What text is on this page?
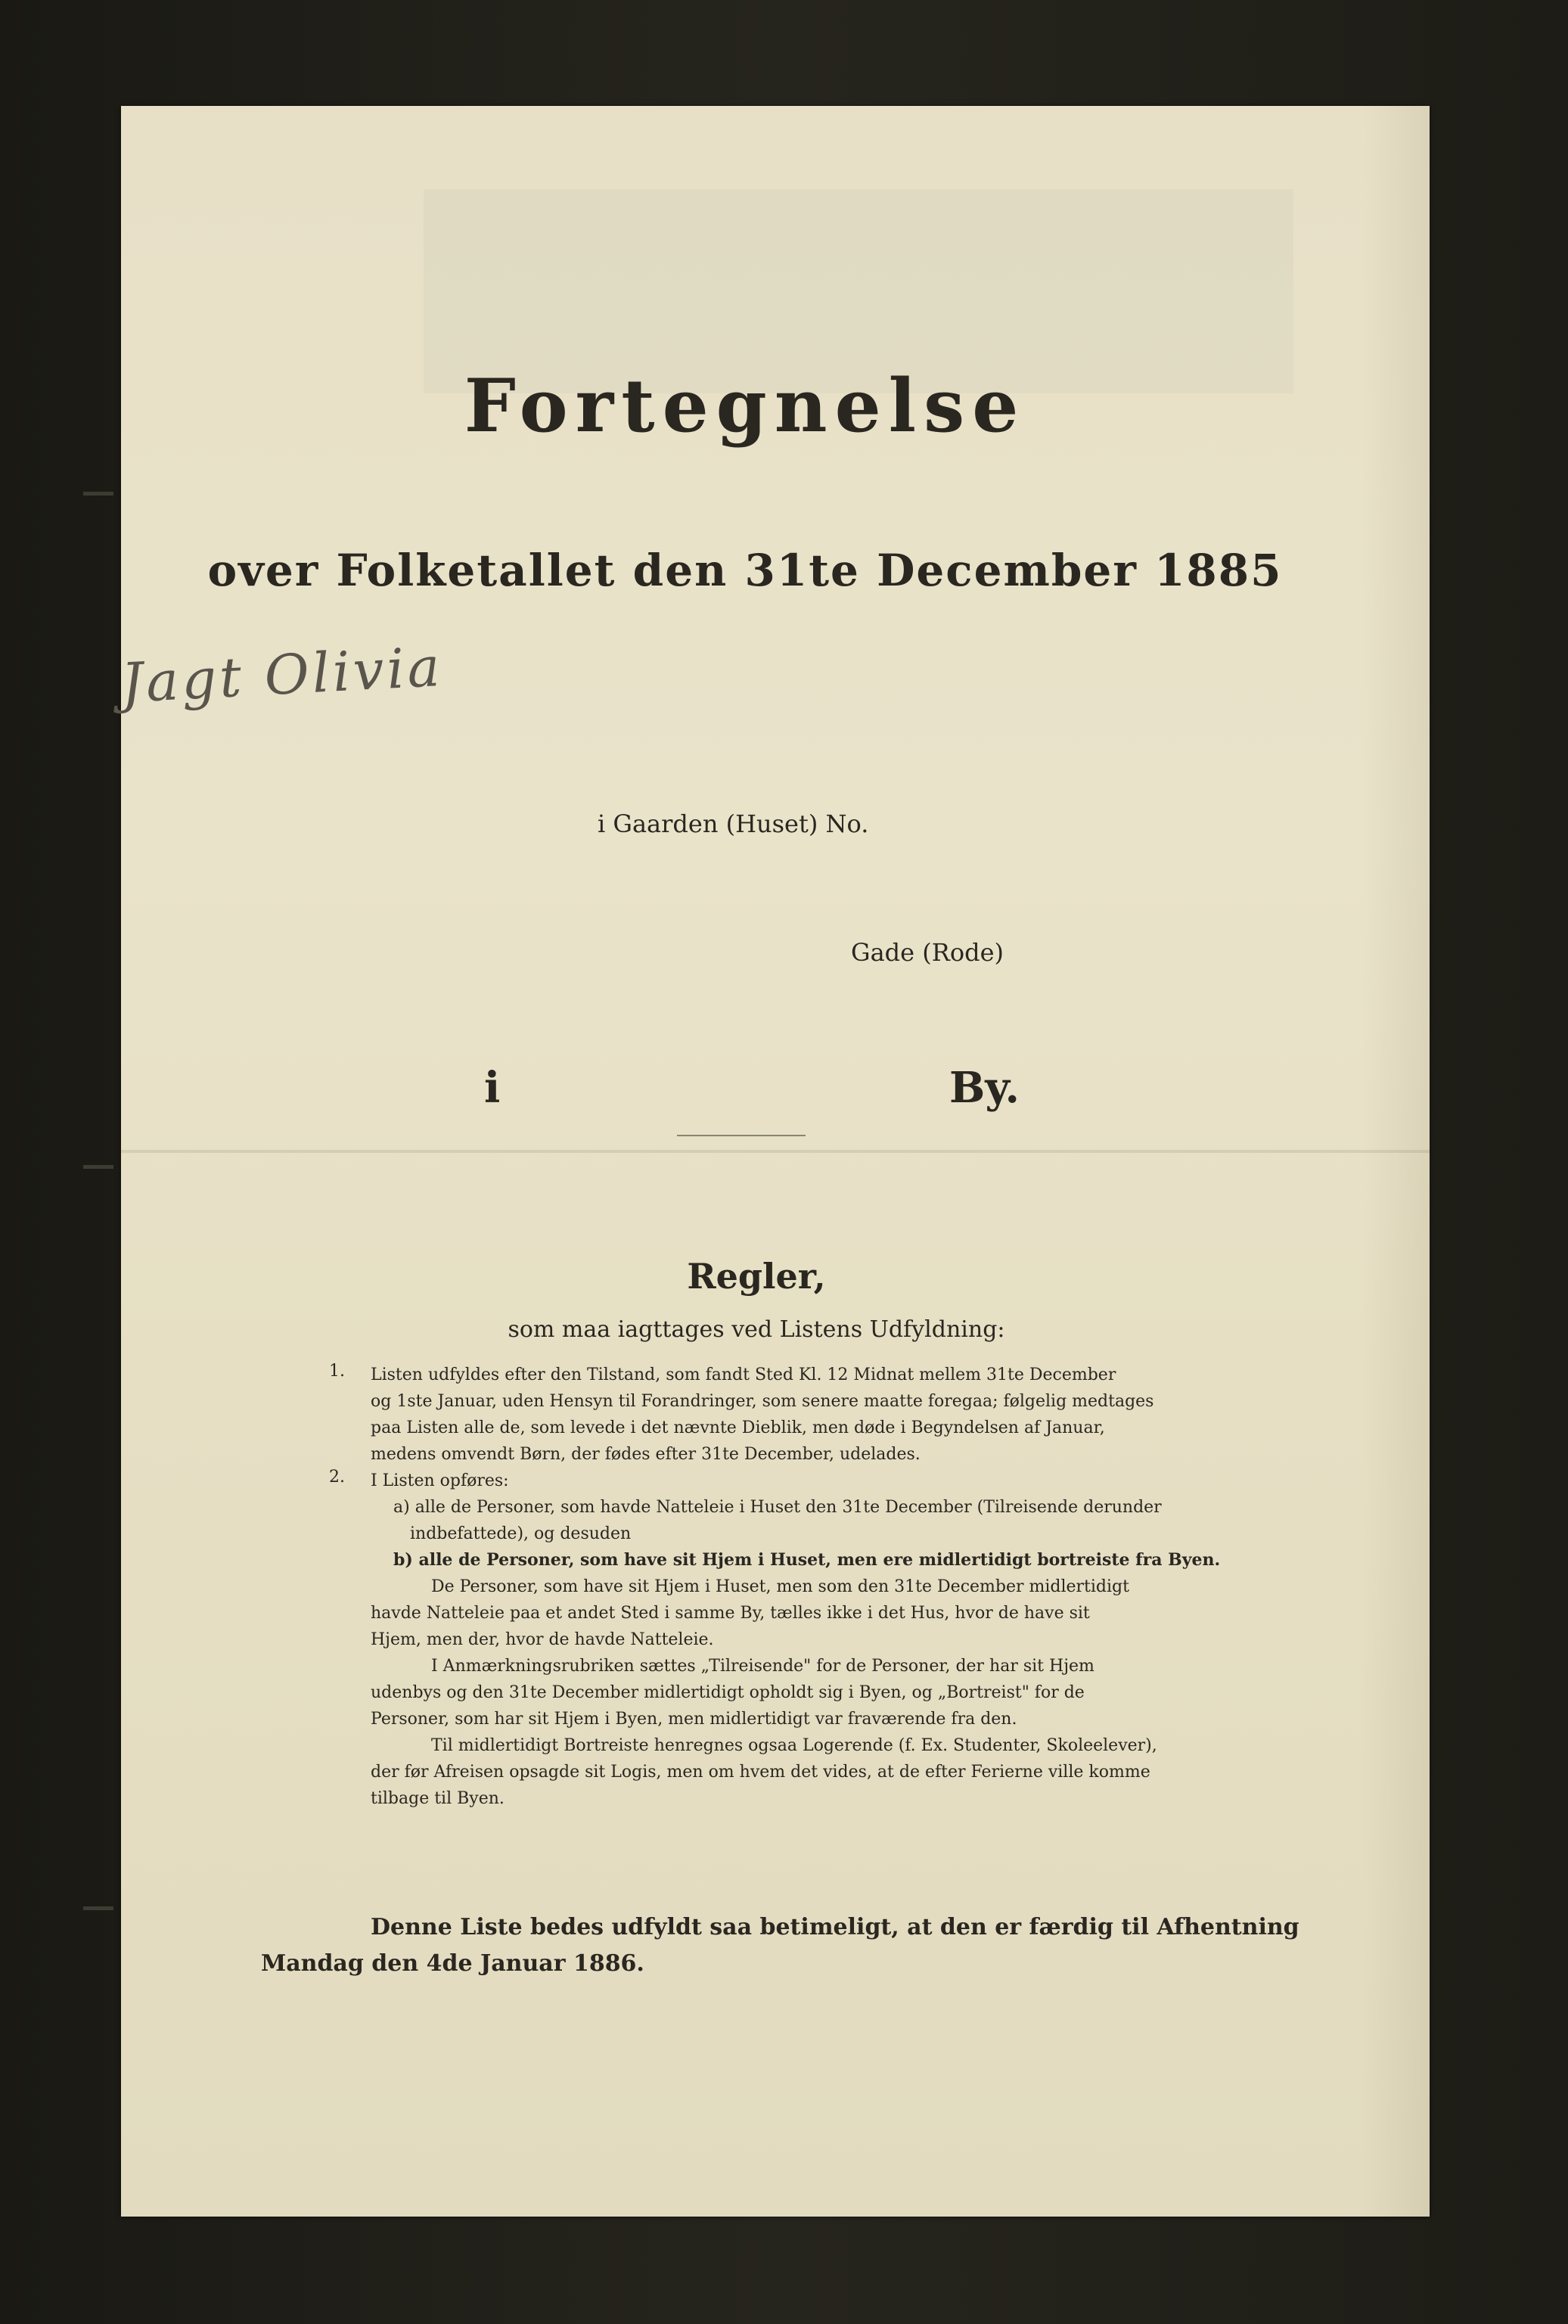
Fortegnelse
over Folketallet den 31te December 1885
Jagt Olivia
i Gaarden (Huset) No.
Gade (Rode)
i	By.
Regler,
som maa iagttages ved Listens Udfyldning:
1. Listen udfyldes efter den Tilstand, som fandt Sted Kl. 12 Midnat mellem 31te December
og 1ste Januar, uden Hensyn til Forandringer, som senere maatte foregaa; følgelig medtages
paa Listen alle de, som levede i det nævnte Dieblik, men døde i Begyndelsen af Januar,
medens omvendt Børn, der fødes efter 31te December, udelades.
2. I Listen opføres:
a) alle de Personer, som havde Natteleie i Huset den 31te December (Tilreisende derunder
indbefattede), og desuden
b) alle de Personer, som have sit Hjem i Huset, men ere midlertidigt bortreiste fra Byen.
De Personer, som have sit Hjem i Huset, men som den 31te December midlertidigt
havde Natteleie paa et andet Sted i samme By, tælles ikke i det Hus, hvor de have sit
Hjem, men der, hvor de havde Natteleie.
I Anmærkningsrubriken sættes „Tilreisende" for de Personer, der har sit Hjem
udenbys og den 31te December midlertidigt opholdt sig i Byen, og „Bortreist" for de
Personer, som har sit Hjem i Byen, men midlertidigt var fraværende fra den.
Til midlertidigt Bortreiste henregnes ogsaa Logerende (f. Ex. Studenter, Skoleelever),
der før Afreisen opsagde sit Logis, men om hvem det vides, at de efter Ferierne ville komme
tilbage til Byen.
Denne Liste bedes udfyldt saa betimeligt, at den er færdig til Afhentning
Mandag den 4de Januar 1886.
